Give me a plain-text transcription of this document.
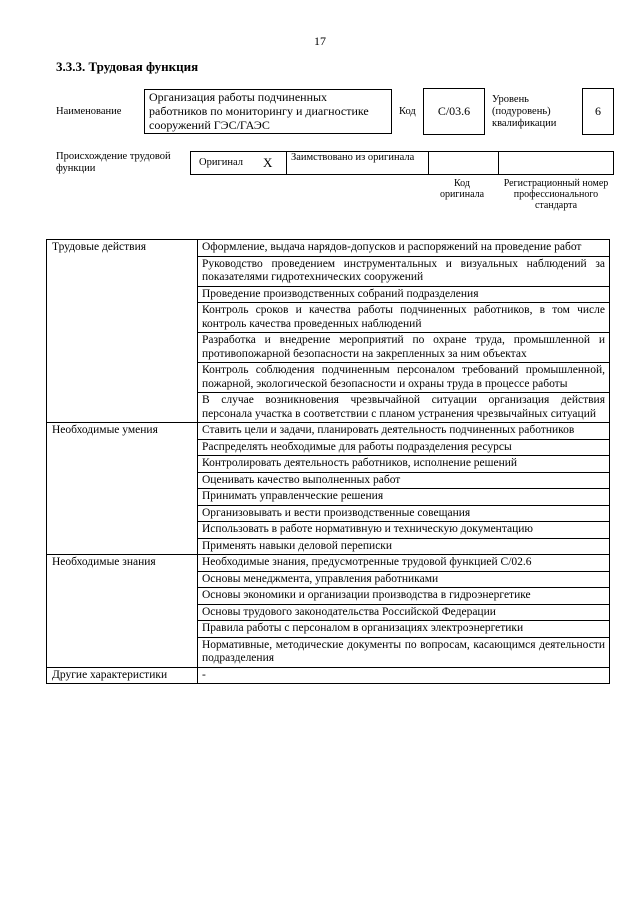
17
3.3.3. Трудовая функция
Наименование
Организация работы подчиненных работников по мониторингу и диагностике сооружений ГЭС/ГАЭС
Код C/03.6
Уровень (подуровень) квалификации
6
Происхождение трудовой функции
Оригинал X Заимствовано из оригинала
Код оригинала
Регистрационный номер профессионального стандарта
Трудовые действия	Оформление, выдача нарядов-допусков и распоряжений на проведение работ
	Руководство проведением инструментальных и визуальных наблюдений за показателями гидротехнических сооружений
	Проведение производственных собраний подразделения
	Контроль сроков и качества работы подчиненных работников, в том числе контроль качества проведенных наблюдений
	Разработка и внедрение мероприятий по охране труда, промышленной и противопожарной безопасности на закрепленных за ним объектах
	Контроль соблюдения подчиненным персоналом требований промышленной, пожарной, экологической безопасности и охраны труда в процессе работы
	В случае возникновения чрезвычайной ситуации организация действия персонала участка в соответствии с планом устранения чрезвычайных ситуаций
Необходимые умения	Ставить цели и задачи, планировать деятельность подчиненных работников
	Распределять необходимые для работы подразделения ресурсы
	Контролировать деятельность работников, исполнение решений
	Оценивать качество выполненных работ
	Принимать управленческие решения
	Организовывать и вести производственные совещания
	Использовать в работе нормативную и техническую документацию
	Применять навыки деловой переписки
Необходимые знания	Необходимые знания, предусмотренные трудовой функцией C/02.6
	Основы менеджмента, управления работниками
	Основы экономики и организации производства в гидроэнергетике
	Основы трудового законодательства Российской Федерации
	Правила работы с персоналом в организациях электроэнергетики
	Нормативные, методические документы по вопросам, касающимся деятельности подразделения
Другие характеристики	-
